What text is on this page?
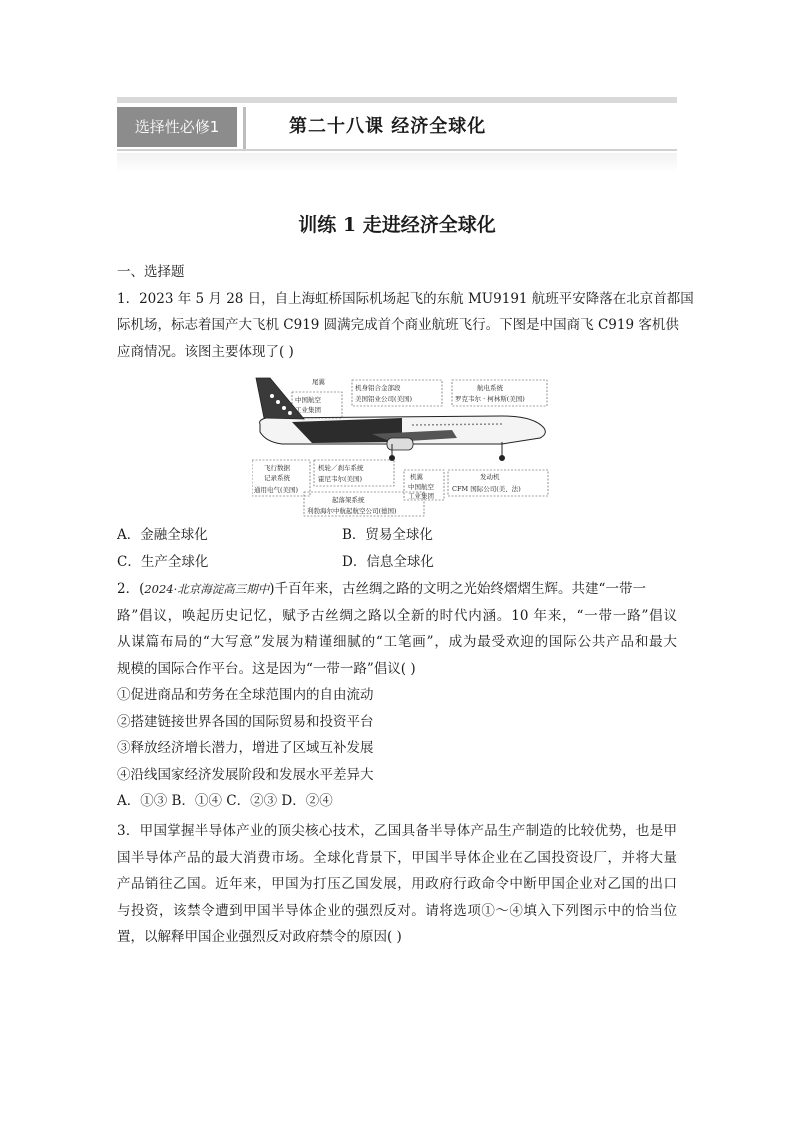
选择性必修1	第二十八课 经济全球化
训练 1 走进经济全球化
一、选择题
1．2023 年 5 月 28 日，自上海虹桥国际机场起飞的东航 MU9191 航班平安降落在北京首都国
际机场，标志着国产大飞机 C919 圆满完成首个商业航班飞行。下图是中国商飞 C919 客机供
应商情况。该图主要体现了( )
尾翼
中国航空
工业集团
机身铝合金部段
美国铝业公司(美国)
航电系统
罗克韦尔 · 柯林斯(美国)
飞行数据
记录系统
通用电气(美国)
机轮／刹车系统
霍尼韦尔(美国)
起落架系统
利勃海尔中航起航空公司(德国)
机翼
中国航空
工业集团
发动机
CFM 国际公司(美、法)
A．金融全球化	B．贸易全球化
C．生产全球化	D．信息全球化
2．(2024·北京海淀高三期中)千百年来，古丝绸之路的文明之光始终熠熠生辉。共建“一带一
路”倡议，唤起历史记忆，赋予古丝绸之路以全新的时代内涵。10 年来，“一带一路”倡议
从谋篇布局的“大写意”发展为精谨细腻的“工笔画”，成为最受欢迎的国际公共产品和最大
规模的国际合作平台。这是因为“一带一路”倡议( )
①促进商品和劳务在全球范围内的自由流动
②搭建链接世界各国的国际贸易和投资平台
③释放经济增长潜力，增进了区域互补发展
④沿线国家经济发展阶段和发展水平差异大
A．①③ B．①④ C．②③ D．②④
3．甲国掌握半导体产业的顶尖核心技术，乙国具备半导体产品生产制造的比较优势，也是甲
国半导体产品的最大消费市场。全球化背景下，甲国半导体企业在乙国投资设厂，并将大量
产品销往乙国。近年来，甲国为打压乙国发展，用政府行政命令中断甲国企业对乙国的出口
与投资，该禁令遭到甲国半导体企业的强烈反对。请将选项①～④填入下列图示中的恰当位
置，以解释甲国企业强烈反对政府禁令的原因( )
